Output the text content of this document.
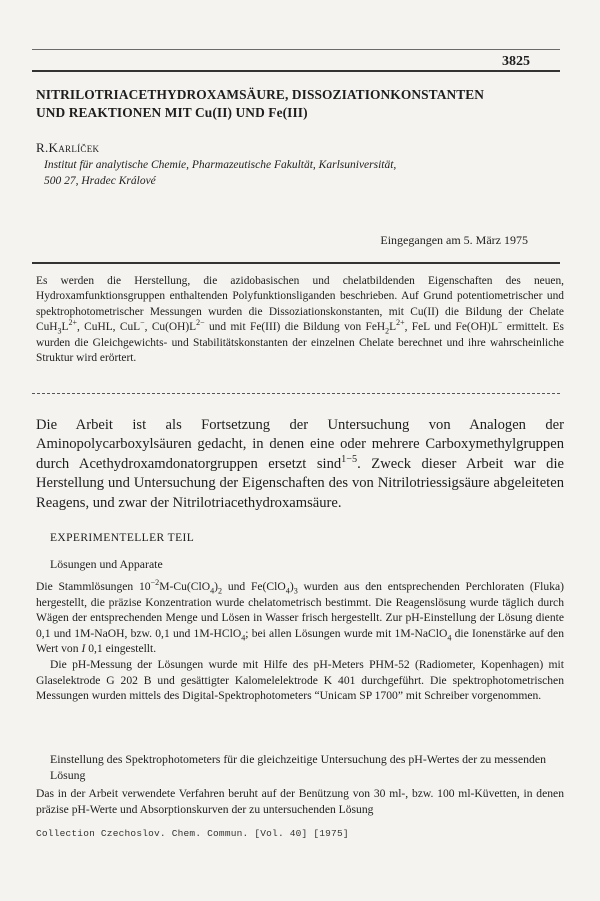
3825
NITRILOTRIACETHYDROXAMSÄURE, DISSOZIATIONKONSTANTEN
UND REAKTIONEN MIT Cu(II) UND Fe(III)
R.Karlíček
Institut für analytische Chemie, Pharmazeutische Fakultät, Karlsuniversität,
500 27, Hradec Králové
Eingegangen am 5. März 1975
Es werden die Herstellung, die azidobasischen und chelatbildenden Eigenschaften des neuen, Hydroxamfunktionsgruppen enthaltenden Polyfunktionsliganden beschrieben. Auf Grund potentiometrischer und spektrophotometrischer Messungen wurden die Dissoziationskonstanten, mit Cu(II) die Bildung der Chelate $CuH_3L^{2+}$, CuHL, CuL−, $Cu(OH)L^{2-}$ und mit Fe(III) die Bildung von $FeH_2L^{2+}$, FeL und Fe(OH)L− ermittelt. Es wurden die Gleichgewichts- und Stabilitätskonstanten der einzelnen Chelate berechnet und ihre wahrscheinliche Struktur wird erörtert.
Die Arbeit ist als Fortsetzung der Untersuchung von Analogen der Aminopolycarboxylsäuren gedacht, in denen eine oder mehrere Carboxymethylgruppen durch Acethydroxamdonatorgruppen ersetzt sind$^{1-5}$. Zweck dieser Arbeit war die Herstellung und Untersuchung der Eigenschaften des von Nitrilotriessigsäure abgeleiteten Reagens, und zwar der Nitrilotriacethydroxamsäure.
EXPERIMENTELLER TEIL
Lösungen und Apparate

Die Stammlösungen $10^{-2}M-Cu(ClO_4)_2$ und $Fe(ClO_4)_3$ wurden aus den entsprechenden Perchloraten (Fluka) hergestellt, die präzise Konzentration wurde chelatometrisch bestimmt. Die Reagenslösung wurde täglich durch Wägen der entsprechenden Menge und Lösen in Wasser frisch hergestellt. Zur pH-Einstellung der Lösung diente 0,1 und 1M-NaOH, bzw. 0,1 und 1M-HClO$_4$; bei allen Lösungen wurde mit 1M-NaClO$_4$ die Ionenstärke auf den Wert von I 0,1 eingestellt.

Die pH-Messung der Lösungen wurde mit Hilfe des pH-Meters PHM-52 (Radiometer, Kopenhagen) mit Glaselektrode G 202 B und gesättigter Kalomelelektrode K 401 durchgeführt. Die spektrophotometrischen Messungen wurden mittels des Digital-Spektrophotometers “Unicam SP 1700” mit Schreiber vorgenommen.

Einstellung des Spektrophotometers für die gleichzeitige Untersuchung des pH-Wertes der zu messenden Lösung
Das in der Arbeit verwendete Verfahren beruht auf der Benützung von 30 ml-, bzw. 100 ml-Küvetten, in denen präzise pH-Werte und Absorptionskurven der zu untersuchenden Lösung
Collection Czechoslov. Chem. Commun. [Vol. 40] [1975]
